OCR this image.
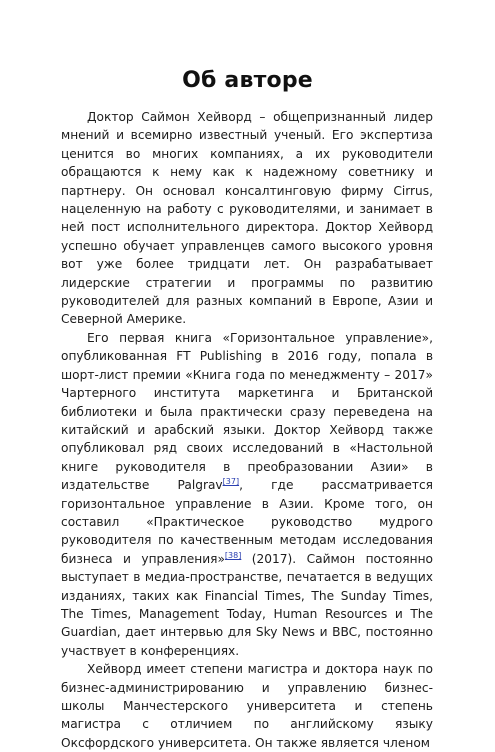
Об авторе

Доктор Саймон Хейворд – общепризнанный лидер мнений и всемирно известный ученый. Его экспертиза ценится во многих компаниях, а их руководители обращаются к нему как к надежному советнику и партнеру. Он основал консалтинговую фирму Cirrus, нацеленную на работу с руководителями, и занимает в ней пост исполнительного директора. Доктор Хейворд успешно обучает управленцев самого высокого уровня вот уже более тридцати лет. Он разрабатывает лидерские стратегии и программы по развитию руководителей для разных компаний в Европе, Азии и Северной Америке.

Его первая книга «Горизонтальное управление», опубликованная FT Publishing в 2016 году, попала в шорт-лист премии «Книга года по менеджменту – 2017» Чартерного института маркетинга и Британской библиотеки и была практически сразу переведена на китайский и арабский языки. Доктор Хейворд также опубликовал ряд своих исследований в «Настольной книге руководителя в преобразовании Азии» в издательстве Palgrav[37], где рассматривается горизонтальное управление в Азии. Кроме того, он составил «Практическое руководство мудрого руководителя по качественным методам исследования бизнеса и управления»[38] (2017). Саймон постоянно выступает в медиа-пространстве, печатается в ведущих изданиях, таких как Financial Times, The Sunday Times, The Times, Management Today, Human Resources и The Guardian, дает интервью для Sky News и BBC, постоянно участвует в конференциях.

Хейворд имеет степени магистра и доктора наук по бизнес-администрированию и управлению бизнес-школы Манчестерского университета и степень магистра с отличием по английскому языку Оксфордского университета. Он также является членом
